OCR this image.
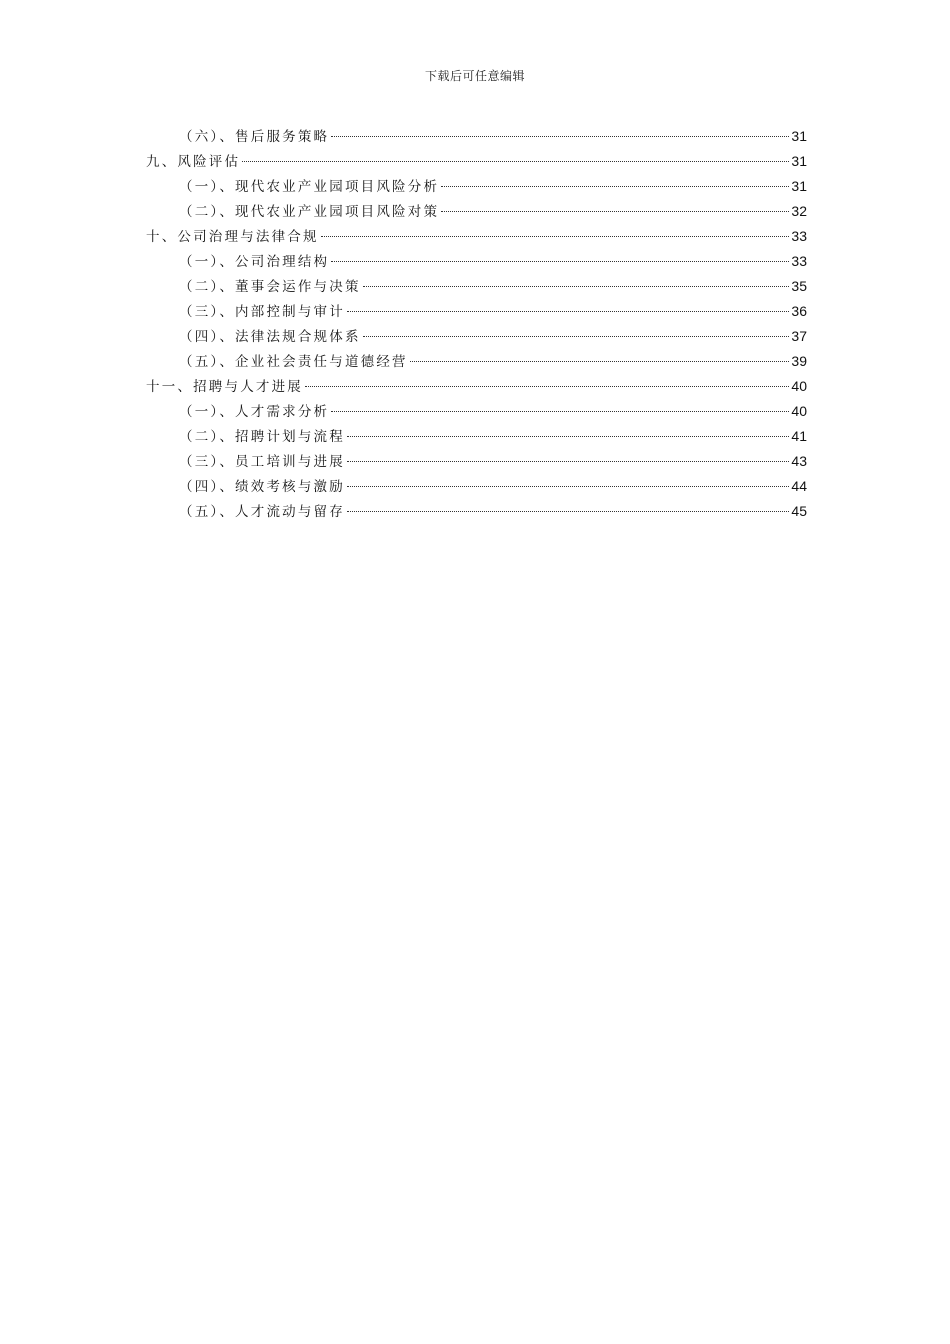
下载后可任意编辑
（六）、售后服务策略	31
九、风险评估	31
（一）、现代农业产业园项目风险分析	31
（二）、现代农业产业园项目风险对策	32
十、公司治理与法律合规	33
（一）、公司治理结构	33
（二）、董事会运作与决策	35
（三）、内部控制与审计	36
（四）、法律法规合规体系	37
（五）、企业社会责任与道德经营	39
十一、招聘与人才进展	40
（一）、人才需求分析	40
（二）、招聘计划与流程	41
（三）、员工培训与进展	43
（四）、绩效考核与激励	44
（五）、人才流动与留存	45
